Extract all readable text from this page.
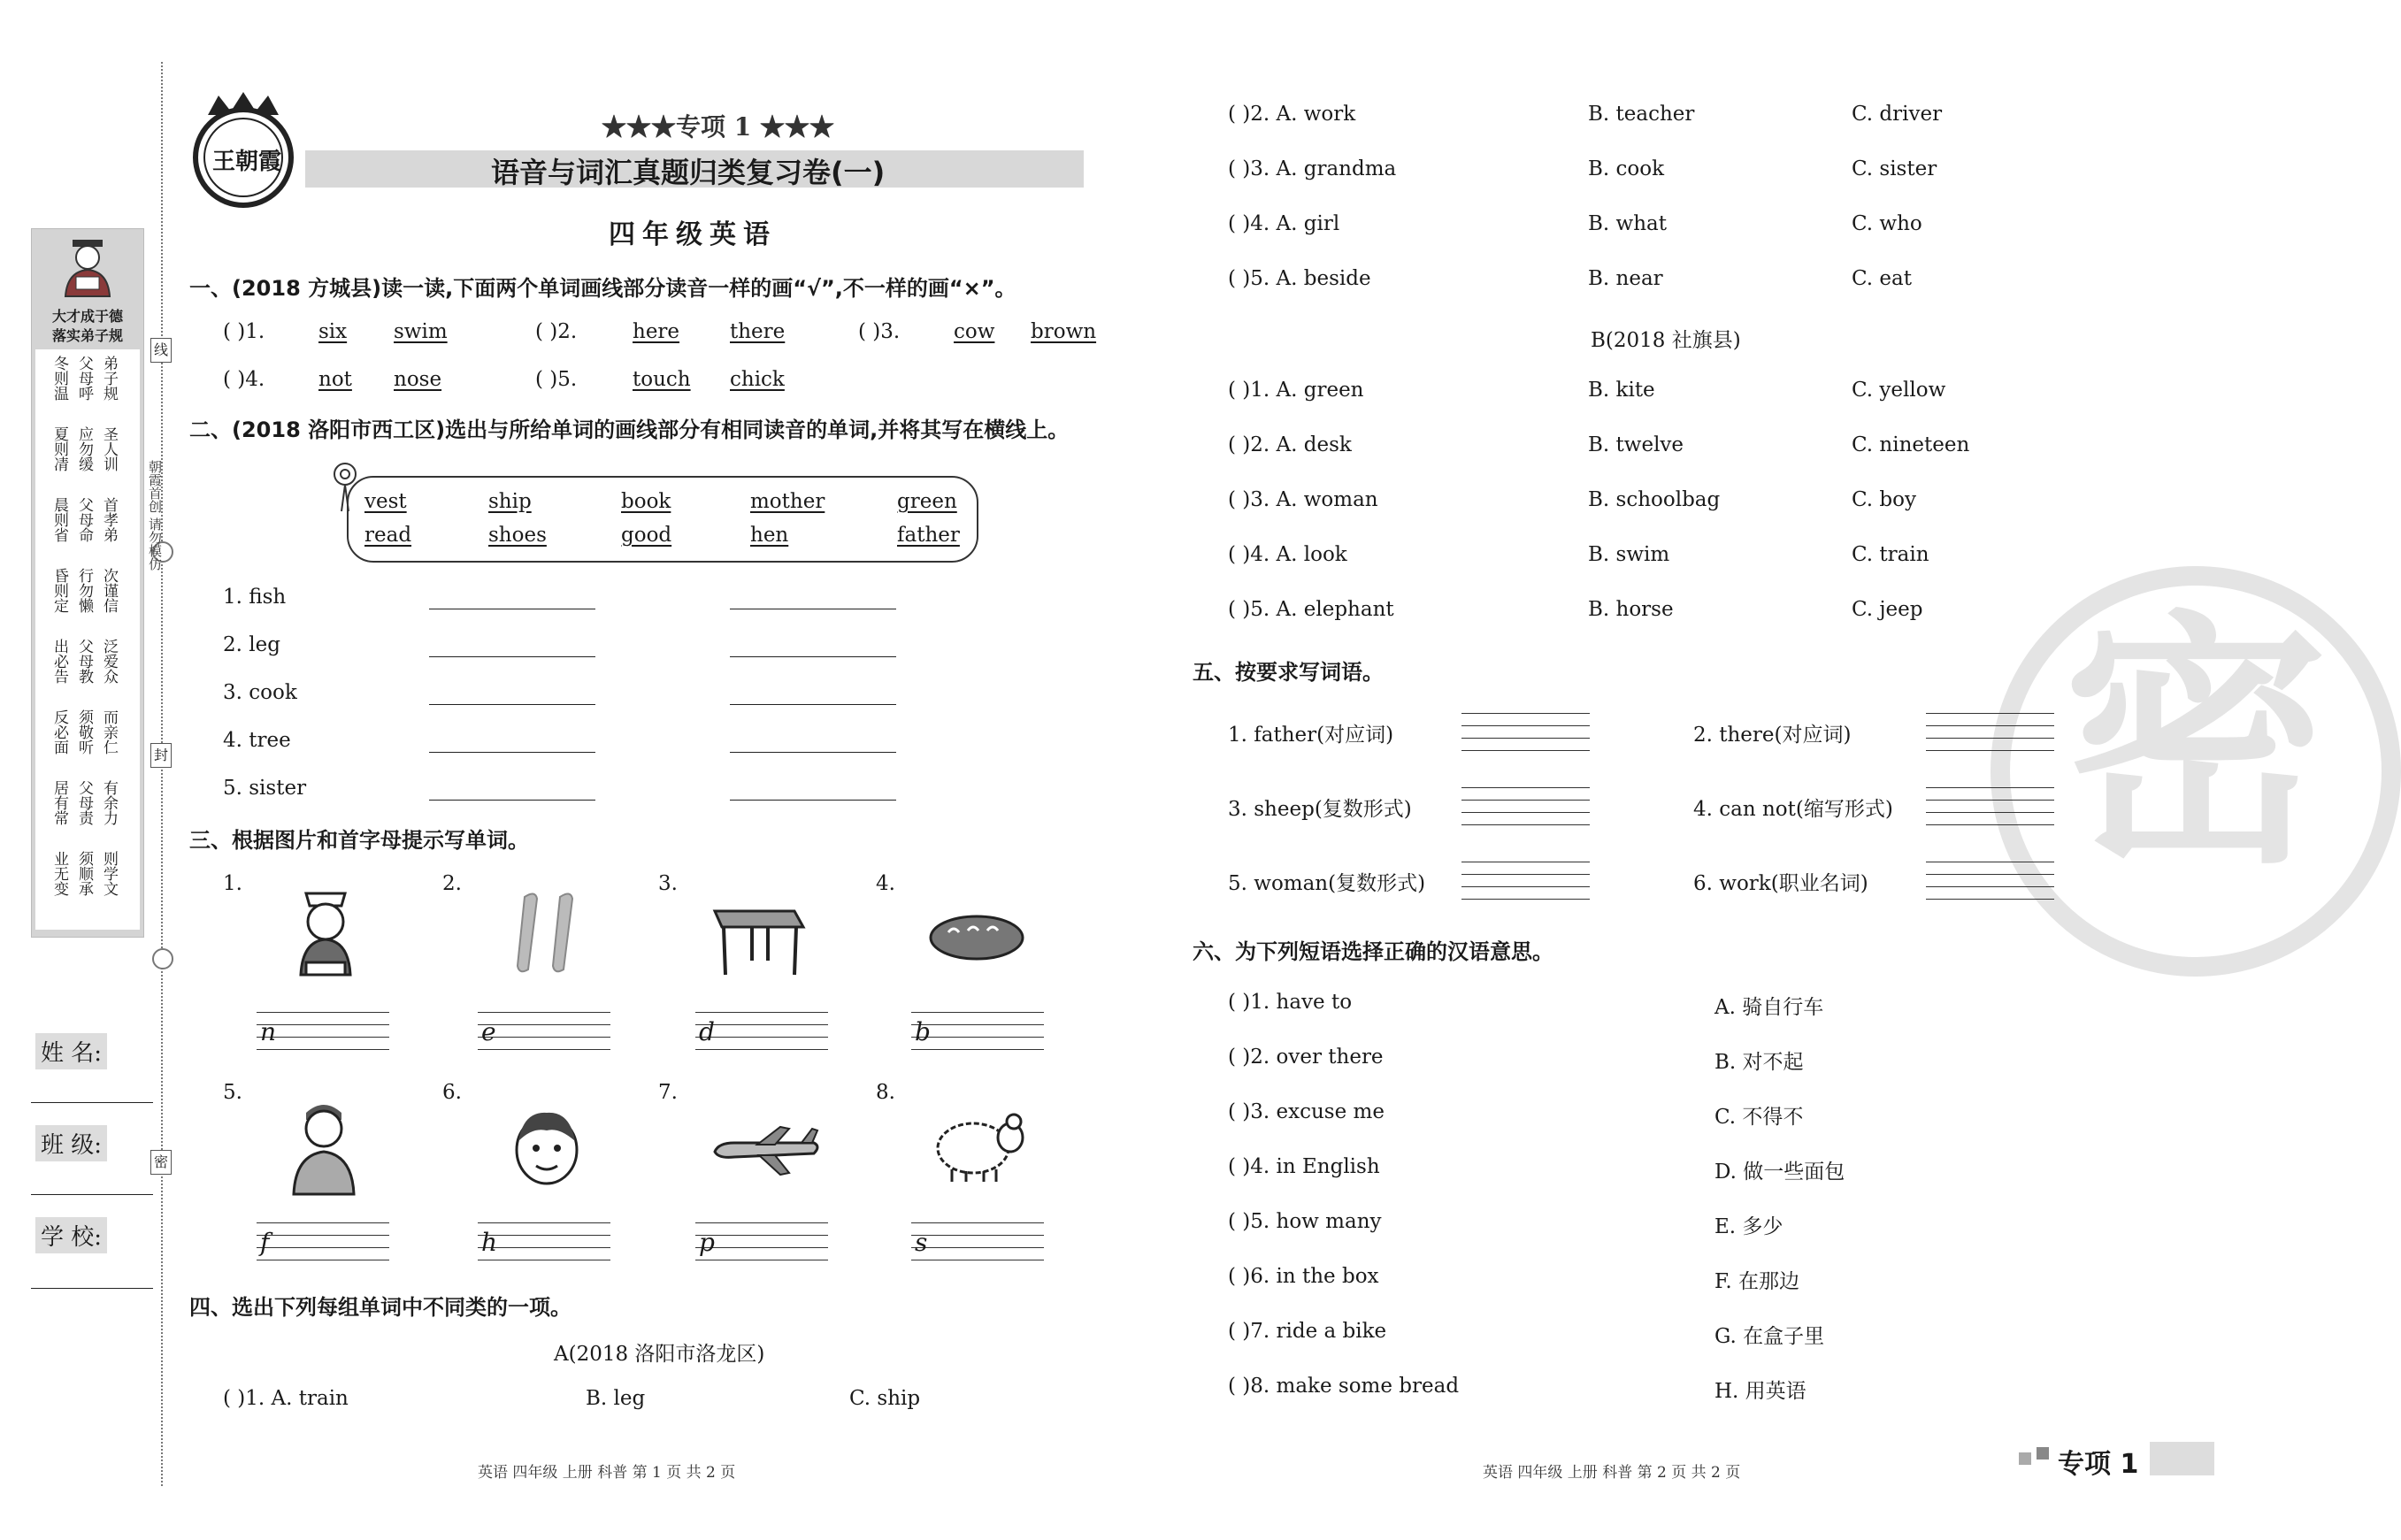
线
封
密
朝霞首创 请勿模仿
大才成于德
落实弟子规
冬则温
夏则凊
晨则省
昏则定
出必告
反必面
居有常
业无变
父母呼
应勿缓
父母命
行勿懒
父母教
须敬听
父母责
须顺承
弟子规
圣人训
首孝弟
次谨信
泛爱众
而亲仁
有余力
则学文
姓 名:
班 级:
学 校:
王朝霞
★★★专项 1 ★★★
语音与词汇真题归类复习卷(一)
四年级英语
一、(2018 方城县)读一读,下面两个单词画线部分读音一样的画“√”,不一样的画“×”。
( )1.	six swim	( )2.	here there	( )3.	cow brown
( )4.	not nose	( )5.	touch chick
二、(2018 洛阳市西工区)选出与所给单词的画线部分有相同读音的单词,并将其写在横线上。
vest	ship	book	mother	green
read	shoes	good	hen	father
1. fish
2. leg
3. cook
4. tree
5. sister
三、根据图片和首字母提示写单词。
1.	2.	3.	4.
5.	6.	7.	8.
n	e	d	b
f	h	p	s
四、选出下列每组单词中不同类的一项。
A(2018 洛阳市洛龙区)
( )1. A. train	B. leg	C. ship
英语 四年级 上册 科普 第 1 页 共 2 页
密
( )2. A. work	B. teacher	C. driver
( )3. A. grandma	B. cook	C. sister
( )4. A. girl	B. what	C. who
( )5. A. beside	B. near	C. eat
B(2018 社旗县)
( )1. A. green	B. kite	C. yellow
( )2. A. desk	B. twelve	C. nineteen
( )3. A. woman	B. schoolbag	C. boy
( )4. A. look	B. swim	C. train
( )5. A. elephant	B. horse	C. jeep
五、按要求写词语。
1. father(对应词)	2. there(对应词)
3. sheep(复数形式)	4. can not(缩写形式)
5. woman(复数形式)	6. work(职业名词)
六、为下列短语选择正确的汉语意思。
( )1. have to	A. 骑自行车
( )2. over there	B. 对不起
( )3. excuse me	C. 不得不
( )4. in English	D. 做一些面包
( )5. how many	E. 多少
( )6. in the box	F. 在那边
( )7. ride a bike	G. 在盒子里
( )8. make some bread	H. 用英语
英语 四年级 上册 科普 第 2 页 共 2 页	专项 1
